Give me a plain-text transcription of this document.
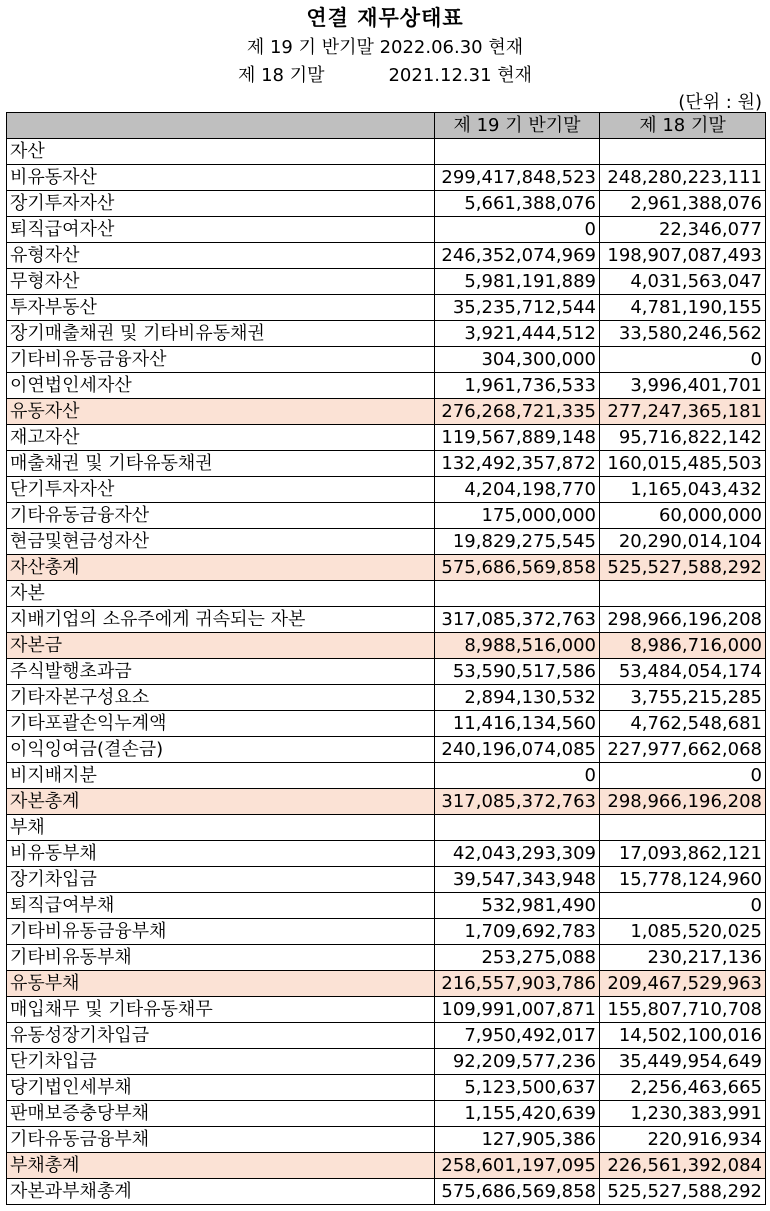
연결 재무상태표
제 19 기 반기말 2022.06.30 현재
제 18 기말	2021.12.31 현재
(단위 : 원)
	제 19 기 반기말	제 18 기말
자산		
비유동자산	299,417,848,523	248,280,223,111
장기투자자산	5,661,388,076	2,961,388,076
퇴직급여자산	0	22,346,077
유형자산	246,352,074,969	198,907,087,493
무형자산	5,981,191,889	4,031,563,047
투자부동산	35,235,712,544	4,781,190,155
장기매출채권 및 기타비유동채권	3,921,444,512	33,580,246,562
기타비유동금융자산	304,300,000	0
이연법인세자산	1,961,736,533	3,996,401,701
유동자산	276,268,721,335	277,247,365,181
재고자산	119,567,889,148	95,716,822,142
매출채권 및 기타유동채권	132,492,357,872	160,015,485,503
단기투자자산	4,204,198,770	1,165,043,432
기타유동금융자산	175,000,000	60,000,000
현금및현금성자산	19,829,275,545	20,290,014,104
자산총계	575,686,569,858	525,527,588,292
자본		
지배기업의 소유주에게 귀속되는 자본	317,085,372,763	298,966,196,208
자본금	8,988,516,000	8,986,716,000
주식발행초과금	53,590,517,586	53,484,054,174
기타자본구성요소	2,894,130,532	3,755,215,285
기타포괄손익누계액	11,416,134,560	4,762,548,681
이익잉여금(결손금)	240,196,074,085	227,977,662,068
비지배지분	0	0
자본총계	317,085,372,763	298,966,196,208
부채		
비유동부채	42,043,293,309	17,093,862,121
장기차입금	39,547,343,948	15,778,124,960
퇴직급여부채	532,981,490	0
기타비유동금융부채	1,709,692,783	1,085,520,025
기타비유동부채	253,275,088	230,217,136
유동부채	216,557,903,786	209,467,529,963
매입채무 및 기타유동채무	109,991,007,871	155,807,710,708
유동성장기차입금	7,950,492,017	14,502,100,016
단기차입금	92,209,577,236	35,449,954,649
당기법인세부채	5,123,500,637	2,256,463,665
판매보증충당부채	1,155,420,639	1,230,383,991
기타유동금융부채	127,905,386	220,916,934
부채총계	258,601,197,095	226,561,392,084
자본과부채총계	575,686,569,858	525,527,588,292
